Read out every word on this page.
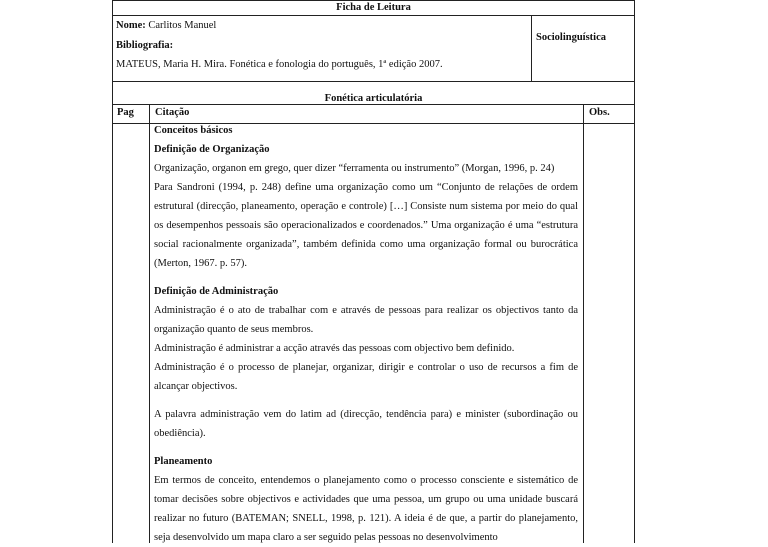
Ficha de Leitura
Nome: Carlitos Manuel
Bibliografia:
MATEUS, Maria H. Mira. Fonética e fonologia do português, 1ª edição 2007.
Sociolinguística
Fonética articulatória
Pag Citação	Obs.

Conceitos básicos

Definição de Organização

Organização, organon em grego, quer dizer “ferramenta ou instrumento” (Morgan, 1996, p. 24)

Para Sandroni (1994, p. 248) define uma organização como um “Conjunto de relações de ordem estrutural (direcção, planeamento, operação e controle) […] Consiste num sistema por meio do qual os desempenhos pessoais são operacionalizados e coordenados.” Uma organização é uma “estrutura social racionalmente organizada”, também definida como uma organização formal ou burocrática (Merton, 1967. p. 57).

Definição de Administração

Administração é o ato de trabalhar com e através de pessoas para realizar os objectivos tanto da organização quanto de seus membros.

Administração é administrar a acção através das pessoas com objectivo bem definido.

Administração é o processo de planejar, organizar, dirigir e controlar o uso de recursos a fim de alcançar objectivos.

A palavra administração vem do latim ad (direcção, tendência para) e minister (subordinação ou obediência).

Planeamento

Em termos de conceito, entendemos o planejamento como o processo consciente e sistemático de tomar decisões sobre objectivos e actividades que uma pessoa, um grupo ou uma unidade buscará realizar no futuro (BATEMAN; SNELL, 1998, p. 121). A ideia é de que, a partir do planejamento, seja desenvolvido um mapa claro a ser seguido pelas pessoas no desenvolvimento
